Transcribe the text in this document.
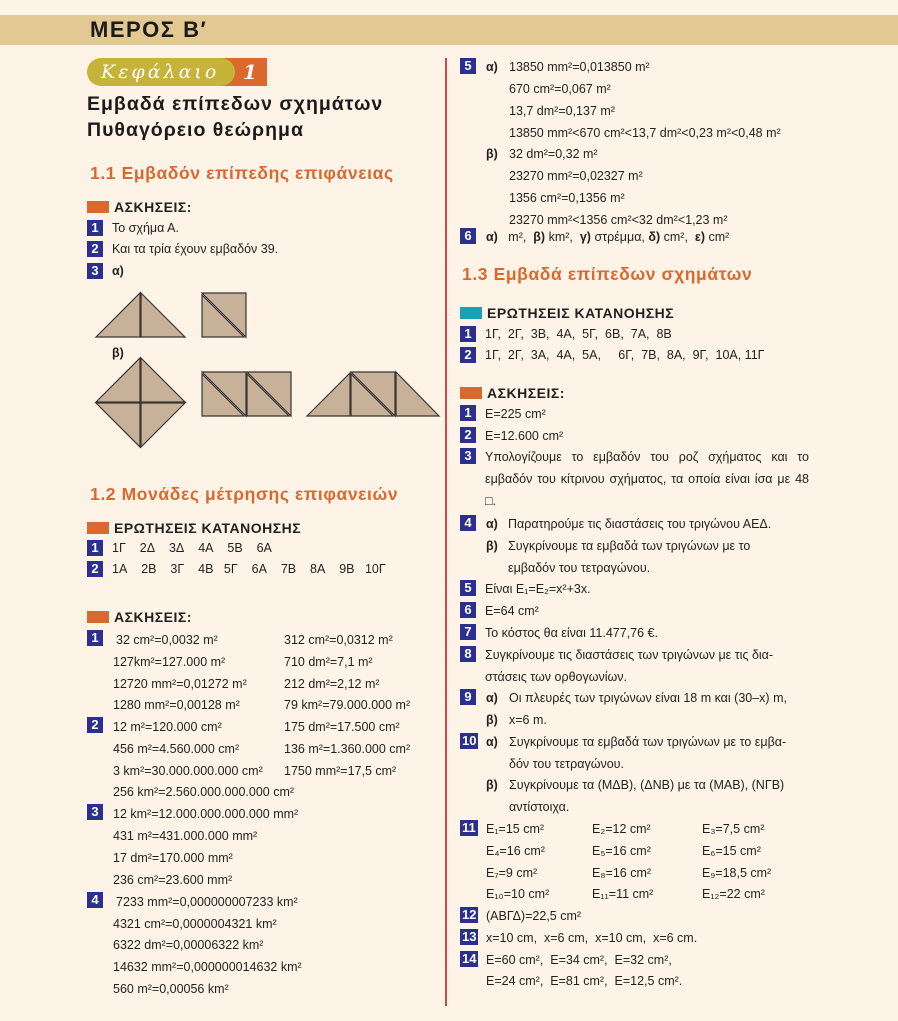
ΜΕΡΟΣ Β′
Κεφάλαιο	1
Εμβαδά επίπεδων σχημάτων
Πυθαγόρειο θεώρημα
1.1 Εμβαδόν επίπεδης επιφάνειας
ΑΣΚΗΣΕΙΣ:
1	Το σχήμα Α.
2	Και τα τρία έχουν εμβαδόν 39.
3	α)
β)
1.2 Μονάδες μέτρησης επιφανειών
ΕΡΩΤΗΣΕΙΣ ΚΑΤΑΝΟΗΣΗΣ
1	1Γ 2Δ 3Δ 4Α 5Β 6Α
2	1Α 2Β 3Γ 4Β 5Γ 6Α 7Β 8Α 9Β 10Γ
ΑΣΚΗΣΕΙΣ:
1	32 cm²=0,0032 m²	312 cm²=0,0312 m²
127km²=127.000 m²	710 dm²=7,1 m²
12720 mm²=0,01272 m²	212 dm²=2,12 m²
1280 mm²=0,00128 m²	79 km²=79.000.000 m²
2	12 m²=120.000 cm²	175 dm²=17.500 cm²
456 m²=4.560.000 cm²	136 m²=1.360.000 cm²
3 km²=30.000.000.000 cm² 1750 mm²=17,5 cm²
256 km²=2.560.000.000.000 cm²
3	12 km²=12.000.000.000.000 mm²
431 m²=431.000.000 mm²
17 dm²=170.000 mm²
236 cm²=23.600 mm²
4	7233 mm²=0,000000007233 km²
4321 cm²=0,0000004321 km²
6322 dm²=0,00006322 km²
14632 mm²=0,000000014632 km²
560 m²=0,00056 km²
5	α) 13850 mm²=0,013850 m²
670 cm²=0,067 m²
13,7 dm²=0,137 m²
13850 mm²<670 cm²<13,7 dm²<0,23 m²<0,48 m²
β) 32 dm²=0,32 m²
23270 mm²=0,02327 m²
1356 cm²=0,1356 m²
23270 mm²<1356 cm²<32 dm²<1,23 m²
6	α) m², β) km², γ) στρέμμα, δ) cm², ε) cm²
1.3 Εμβαδά επίπεδων σχημάτων
ΕΡΩΤΗΣΕΙΣ ΚΑΤΑΝΟΗΣΗΣ
1	1Γ,  2Γ,  3Β,  4Α,  5Γ,  6Β,  7Α,  8Β
2	1Γ,  2Γ,  3Α,  4Α,  5Α,     6Γ,  7Β,  8Α,  9Γ,  10Α, 11Γ
ΑΣΚΗΣΕΙΣ:
1	E=225 cm²
2	E=12.600 cm²
3	Υπολογίζουμε το εμβαδόν του ροζ σχήματος και το εμβαδόν του κίτρινου σχήματος, τα οποία είναι ίσα με 48 □.
4	α) Παρατηρούμε τις διαστάσεις του τριγώνου ΑΕΔ.
β) Συγκρίνουμε τα εμβαδά των τριγώνων με το
εμβαδόν του τετραγώνου.
5	Είναι E₁=E₂=x²+3x.
6	E=64 cm²
7	Το κόστος θα είναι 11.477,76 €.
8	Συγκρίνουμε τις διαστάσεις των τριγώνων με τις δια-
στάσεις των ορθογωνίων.
9	α) Οι πλευρές των τριγώνων είναι 18 m και (30–x) m,
β) x=6 m.
10 α) Συγκρίνουμε τα εμβαδά των τριγώνων με το εμβα-
δόν του τετραγώνου.
β) Συγκρίνουμε τα (ΜΔΒ), (ΔΝΒ) με τα (ΜΑΒ), (ΝΓΒ)
αντίστοιχα.
11 E₁=15 cm²	E₂=12 cm²	E₃=7,5 cm²
E₄=16 cm²	E₅=16 cm²	E₆=15 cm²
E₇=9 cm²	E₈=16 cm²	E₉=18,5 cm²
E₁₀=10 cm²	E₁₁=11 cm²	E₁₂=22 cm²
12 (ΑΒΓΔ)=22,5 cm²
13 x=10 cm,  x=6 cm,  x=10 cm,  x=6 cm.
14 E=60 cm²,  E=34 cm²,  E=32 cm²,
E=24 cm²,  E=81 cm²,  E=12,5 cm².
